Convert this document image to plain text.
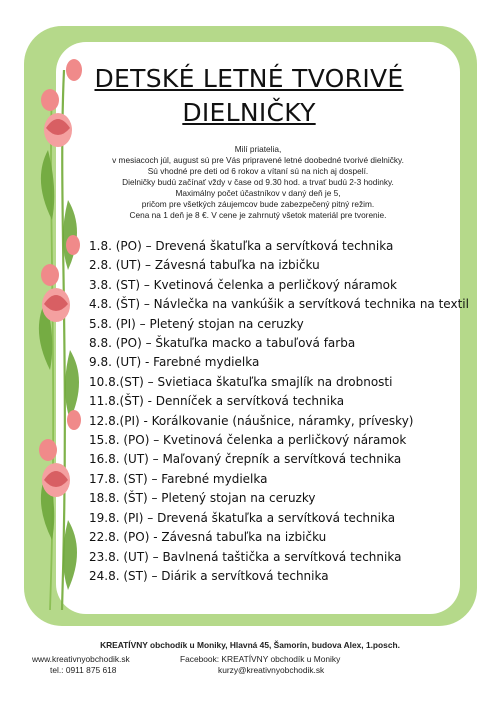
DETSKÉ LETNÉ TVORIVÉ
DIELNIČKY
Milí priatelia,
v mesiacoch júl, august sú pre Vás pripravené letné doobedné tvorivé dielničky.
Sú vhodné pre deti od 6 rokov a vítaní sú na nich aj dospelí.
Dielničky budú začínať vždy v čase od 9.30 hod. a trvať budú 2-3 hodinky.
Maximálny počet účastníkov v daný deň je 5,
pričom pre všetkých záujemcov bude zabezpečený pitný režim.
Cena na 1 deň je 8 €. V cene je zahrnutý všetok materiál pre tvorenie.
1.8. (PO) – Drevená škatuľka a servítková technika
2.8. (UT) – Závesná tabuľka na izbičku
3.8. (ST) – Kvetinová čelenka a perličkový náramok
4.8. (ŠT) – Návlečka na vankúšik a servítková technika na textil
5.8. (PI) – Pletený stojan na ceruzky
8.8. (PO) – Škatuľka macko a tabuľová farba
9.8. (UT) - Farebné mydielka
10.8.(ST) – Svietiaca škatuľka smajlík na drobnosti
11.8.(ŠT) - Denníček a servítková technika
12.8.(PI) - Korálkovanie (náušnice, náramky, prívesky)
15.8. (PO) – Kvetinová čelenka a perličkový náramok
16.8. (UT) – Maľovaný črepník a servítková technika
17.8. (ST) – Farebné mydielka
18.8. (ŠT) – Pletený stojan na ceruzky
19.8. (PI) – Drevená škatuľka a servítková technika
22.8. (PO) - Závesná tabuľka na izbičku
23.8. (UT) – Bavlnená taštička a servítková technika
24.8. (ST) – Diárik a servítková technika
KREATÍVNY obchodík u Moniky, Hlavná 45, Šamorín, budova Alex, 1.posch.
www.kreativnyobchodik.sk
tel.: 0911 875 618
Facebook: KREATÍVNY obchodík u Moniky
kurzy@kreativnyobchodik.sk
